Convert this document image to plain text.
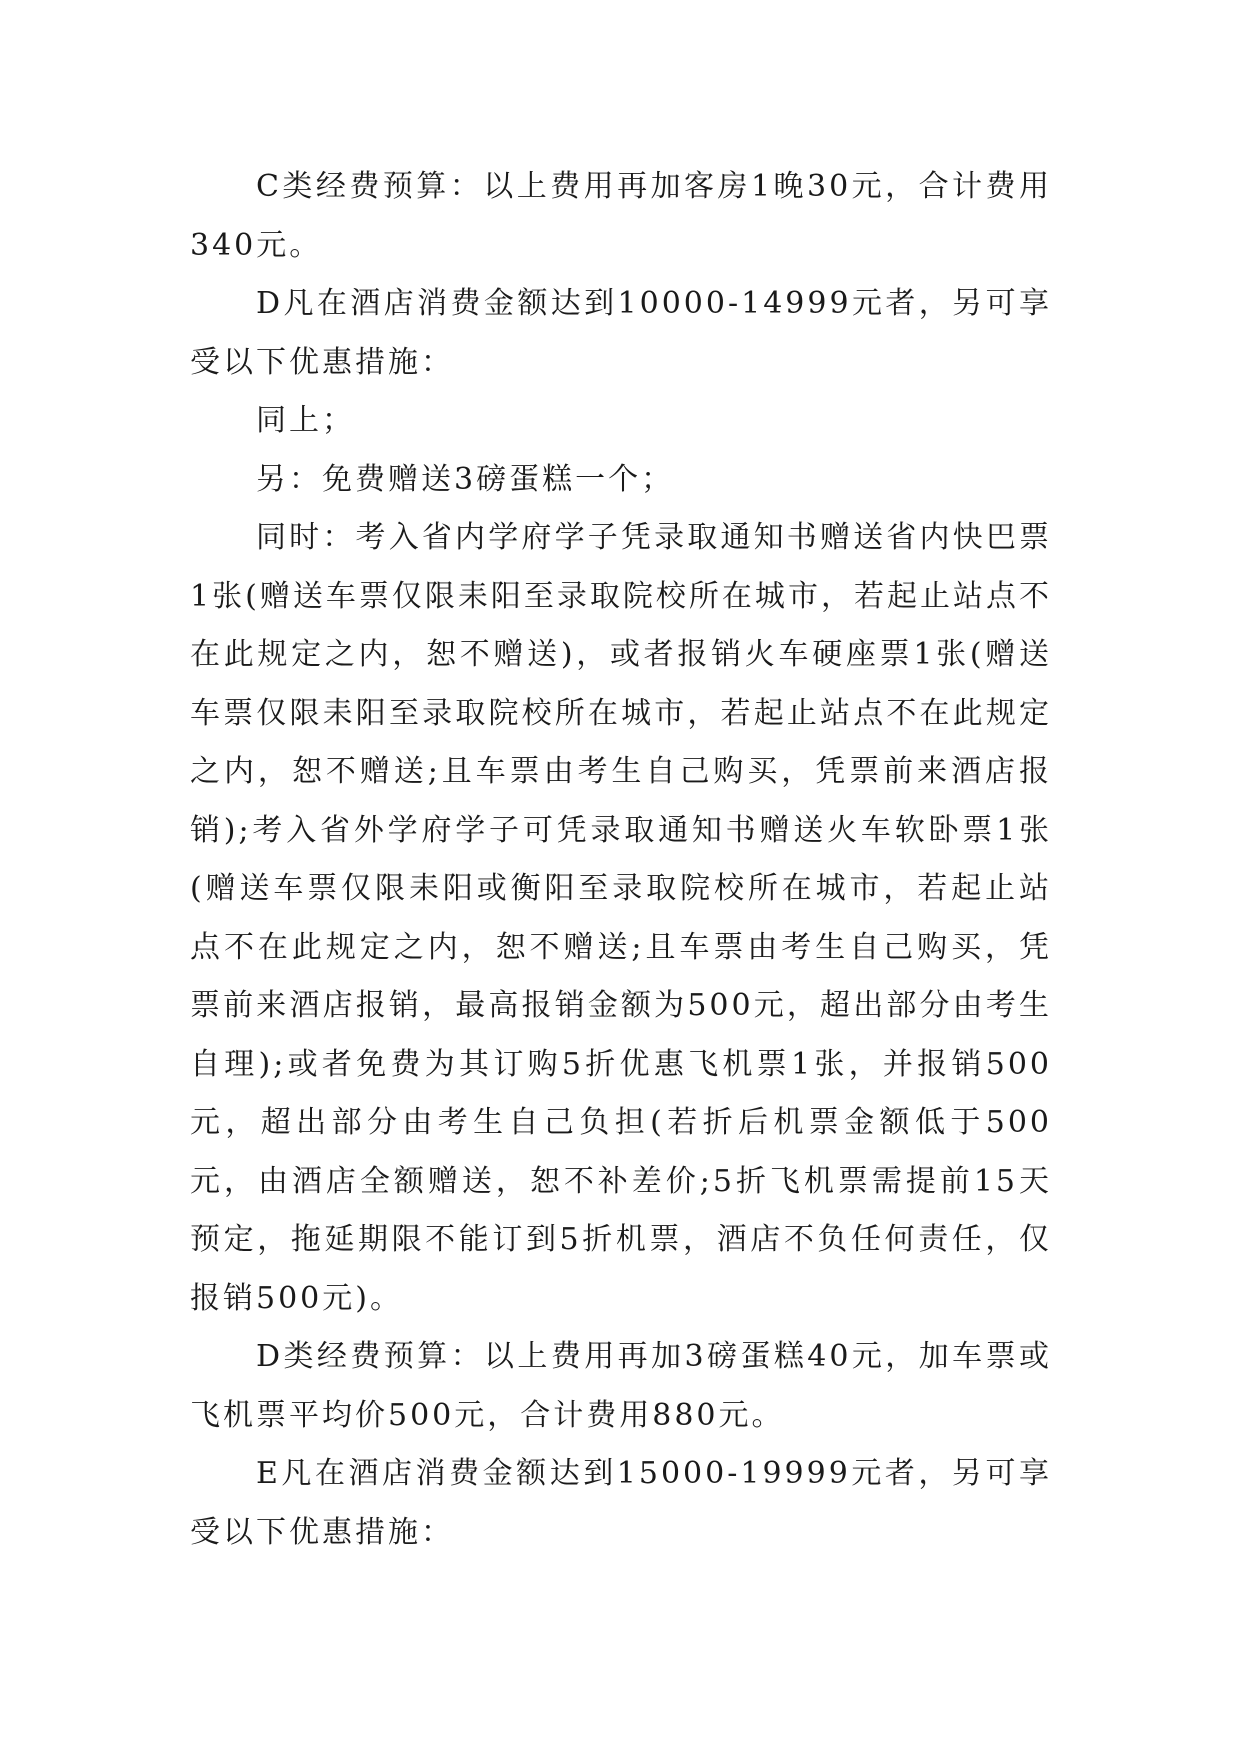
C类经费预算：以上费用再加客房1晚30元，合计费用340元。

D凡在酒店消费金额达到10000-14999元者，另可享受以下优惠措施：

同上；

另：免费赠送3磅蛋糕一个；

同时：考入省内学府学子凭录取通知书赠送省内快巴票1张(赠送车票仅限耒阳至录取院校所在城市，若起止站点不在此规定之内，恕不赠送)，或者报销火车硬座票1张(赠送车票仅限耒阳至录取院校所在城市，若起止站点不在此规定之内，恕不赠送;且车票由考生自己购买，凭票前来酒店报销);考入省外学府学子可凭录取通知书赠送火车软卧票1张(赠送车票仅限耒阳或衡阳至录取院校所在城市，若起止站点不在此规定之内，恕不赠送;且车票由考生自己购买，凭票前来酒店报销，最高报销金额为500元，超出部分由考生自理);或者免费为其订购5折优惠飞机票1张，并报销500元，超出部分由考生自己负担(若折后机票金额低于500元，由酒店全额赠送，恕不补差价;5折飞机票需提前15天预定，拖延期限不能订到5折机票，酒店不负任何责任，仅报销500元)。

D类经费预算：以上费用再加3磅蛋糕40元，加车票或飞机票平均价500元，合计费用880元。

E凡在酒店消费金额达到15000-19999元者，另可享受以下优惠措施：
